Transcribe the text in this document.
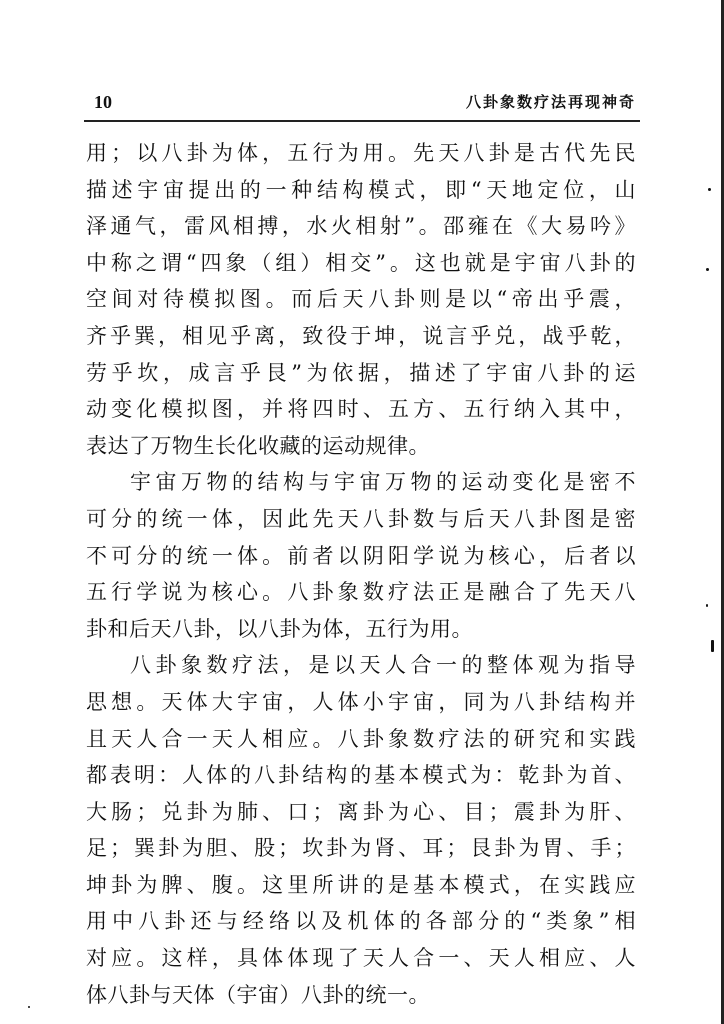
10	八卦象数疗法再现神奇
用；以八卦为体，五行为用。先天八卦是古代先民
描述宇宙提出的一种结构模式，即“天地定位，山
泽通气，雷风相搏，水火相射”。邵雍在《大易吟》
中称之谓“四象（组）相交”。这也就是宇宙八卦的
空间对待模拟图。而后天八卦则是以“帝出乎震，
齐乎巽，相见乎离，致役于坤，说言乎兑，战乎乾，
劳乎坎，成言乎艮”为依据，描述了宇宙八卦的运
动变化模拟图，并将四时、五方、五行纳入其中，
表达了万物生长化收藏的运动规律。
宇宙万物的结构与宇宙万物的运动变化是密不
可分的统一体，因此先天八卦数与后天八卦图是密
不可分的统一体。前者以阴阳学说为核心，后者以
五行学说为核心。八卦象数疗法正是融合了先天八
卦和后天八卦，以八卦为体，五行为用。
八卦象数疗法，是以天人合一的整体观为指导
思想。天体大宇宙，人体小宇宙，同为八卦结构并
且天人合一天人相应。八卦象数疗法的研究和实践
都表明：人体的八卦结构的基本模式为：乾卦为首、
大肠；兑卦为肺、口；离卦为心、目；震卦为肝、
足；巽卦为胆、股；坎卦为肾、耳；艮卦为胃、手；
坤卦为脾、腹。这里所讲的是基本模式，在实践应
用中八卦还与经络以及机体的各部分的“类象”相
对应。这样，具体体现了天人合一、天人相应、人
体八卦与天体（宇宙）八卦的统一。
